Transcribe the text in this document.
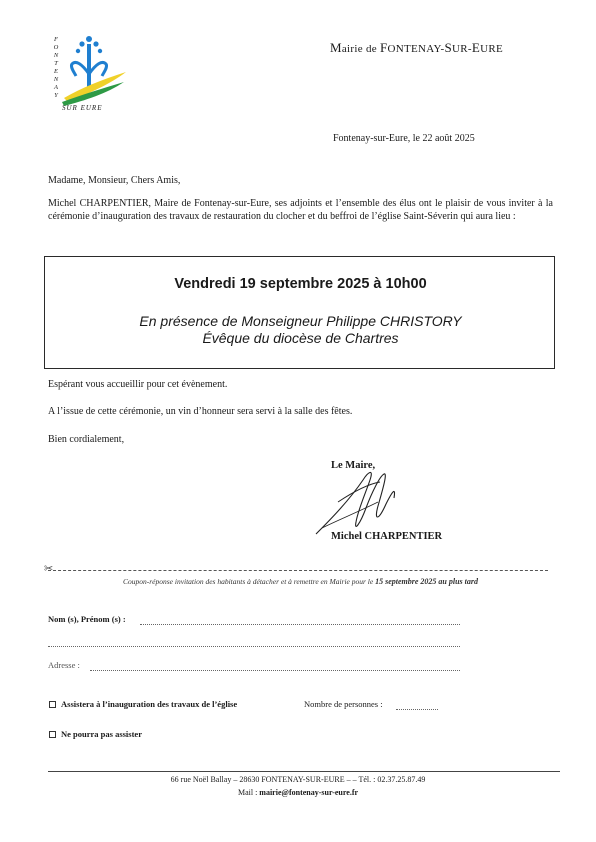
F
O
N
T
E
N
A
Y
SUR EURE
Mairie de FONTENAY-SUR-EURE
Fontenay-sur-Eure, le 22 août 2025
Madame, Monsieur, Chers Amis,
Michel CHARPENTIER, Maire de Fontenay-sur-Eure, ses adjoints et l’ensemble des élus ont le plaisir de vous inviter à la cérémonie d’inauguration des travaux de restauration du clocher et du beffroi de l’église Saint-Séverin qui aura lieu :
Vendredi 19 septembre 2025 à 10h00
En présence de Monseigneur Philippe CHRISTORY
Évêque du diocèse de Chartres
Espérant vous accueillir pour cet évènement.
A l’issue de cette cérémonie, un vin d’honneur sera servi à la salle des fêtes.
Bien cordialement,
Le Maire,
Michel CHARPENTIER
✂
Coupon-réponse invitation des habitants à détacher et à remettre en Mairie pour le 15 septembre 2025 au plus tard
Nom (s), Prénom (s) :
Adresse :
Assistera à l’inauguration des travaux de l’église	Nombre de personnes :
Ne pourra pas assister
66 rue Noël Ballay – 28630 FONTENAY-SUR-EURE – – Tél. : 02.37.25.87.49
Mail : mairie@fontenay-sur-eure.fr
